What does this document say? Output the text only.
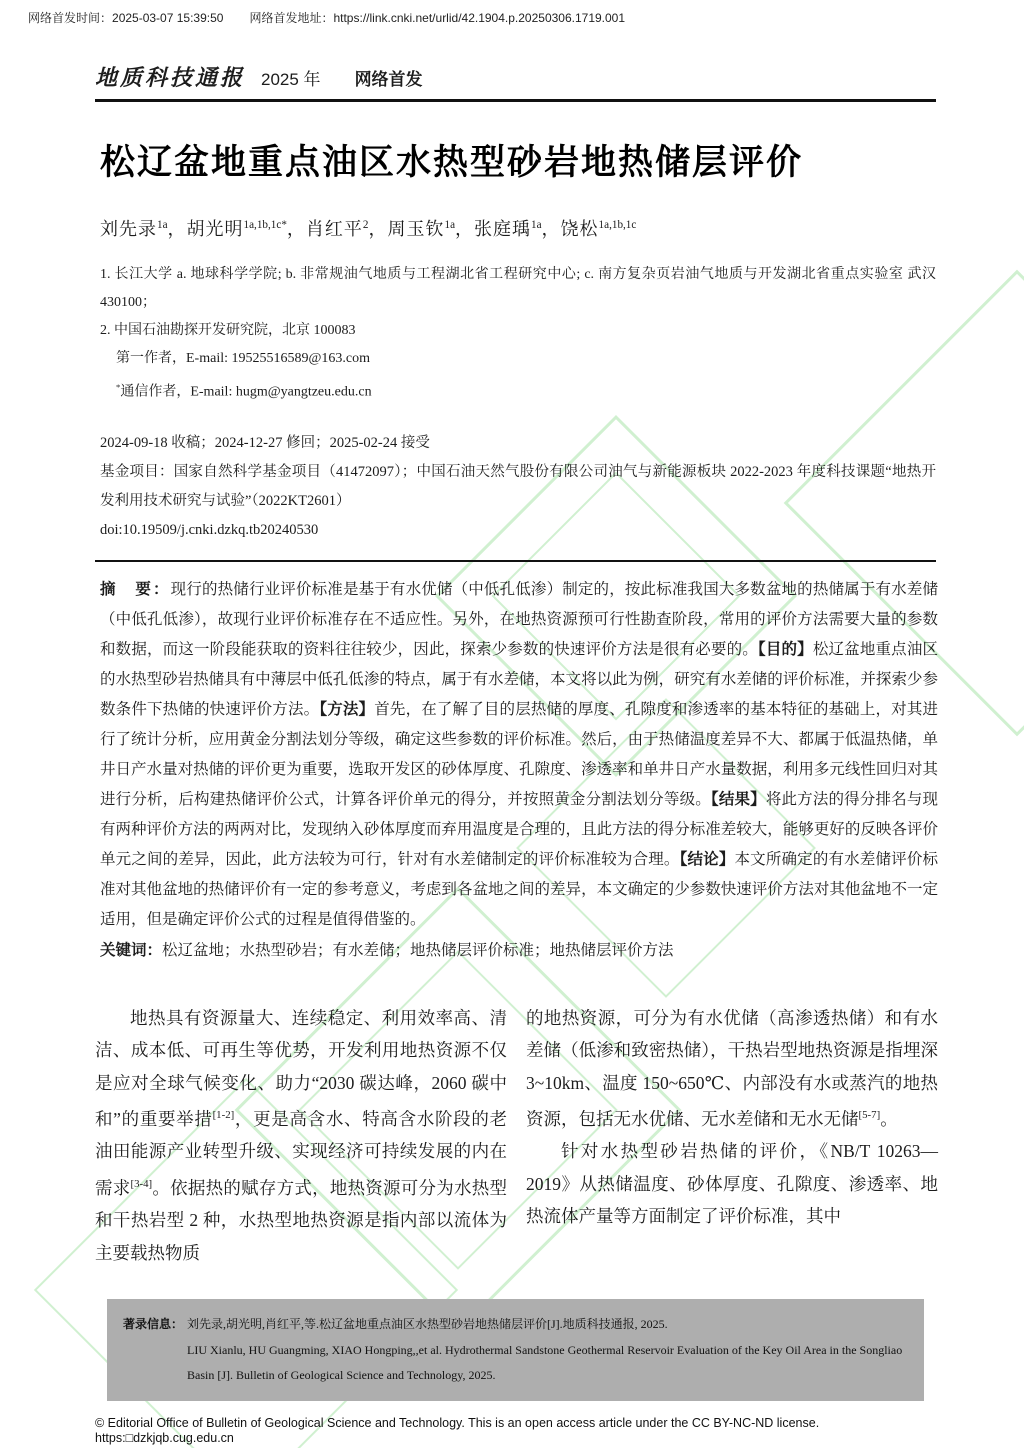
网络首发时间：2025-03-07 15:39:50 网络首发地址：https://link.cnki.net/urlid/42.1904.p.20250306.1719.001
地质科技通报 2025 年 网络首发
松辽盆地重点油区水热型砂岩地热储层评价
刘先录$^{1a}$，胡光明$^{1a,1b,1c*}$，肖红平$^2$，周玉钦$^{1a}$，张庭瑀$^{1a}$，饶松$^{1a,1b,1c}$

1. 长江大学 a. 地球科学学院; b. 非常规油气地质与工程湖北省工程研究中心; c. 南方复杂页岩油气地质与开发湖北省重点实验室 武汉 430100；

2. 中国石油勘探开发研究院，北京 100083

第一作者，E-mail: 19525516589@163.com

*通信作者，E-mail: hugm@yangtzeu.edu.cn

2024-09-18 收稿；2024-12-27 修回；2025-02-24 接受

基金项目：国家自然科学基金项目（41472097）；中国石油天然气股份有限公司油气与新能源板块 2022-2023 年度科技课题“地热开发利用技术研究与试验”（2022KT2601）

doi:10.19509/j.cnki.dzkq.tb20240530

摘　要：现行的热储行业评价标准是基于有水优储（中低孔低渗）制定的，按此标准我国大多数盆地的热储属于有水差储（中低孔低渗），故现行业评价标准存在不适应性。另外，在地热资源预可行性勘查阶段，常用的评价方法需要大量的参数和数据，而这一阶段能获取的资料往往较少，因此，探索少参数的快速评价方法是很有必要的。【目的】松辽盆地重点油区的水热型砂岩热储具有中薄层中低孔低渗的特点，属于有水差储，本文将以此为例，研究有水差储的评价标准，并探索少参数条件下热储的快速评价方法。【方法】首先，在了解了目的层热储的厚度、孔隙度和渗透率的基本特征的基础上，对其进行了统计分析，应用黄金分割法划分等级，确定这些参数的评价标准。然后，由于热储温度差异不大、都属于低温热储，单井日产水量对热储的评价更为重要，选取开发区的砂体厚度、孔隙度、渗透率和单井日产水量数据，利用多元线性回归对其进行分析，后构建热储评价公式，计算各评价单元的得分，并按照黄金分割法划分等级。【结果】将此方法的得分排名与现有两种评价方法的两两对比，发现纳入砂体厚度而弃用温度是合理的，且此方法的得分标准差较大，能够更好的反映各评价单元之间的差异，因此，此方法较为可行，针对有水差储制定的评价标准较为合理。【结论】本文所确定的有水差储评价标准对其他盆地的热储评价有一定的参考意义，考虑到各盆地之间的差异，本文确定的少参数快速评价方法对其他盆地不一定适用，但是确定评价公式的过程是值得借鉴的。
关键词：松辽盆地；水热型砂岩；有水差储；地热储层评价标准；地热储层评价方法

地热具有资源量大、连续稳定、利用效率高、清洁、成本低、可再生等优势，开发利用地热资源不仅是应对全球气候变化、助力“2030 碳达峰，2060 碳中和”的重要举措[1-2]，更是高含水、特高含水阶段的老油田能源产业转型升级、实现经济可持续发展的内在需求[3-4]。依据热的赋存方式，地热资源可分为水热型和干热岩型 2 种，水热型地热资源是指内部以流体为主要载热物质

的地热资源，可分为有水优储（高渗透热储）和有水差储（低渗和致密热储），干热岩型地热资源是指埋深 3~10km、温度 150~650℃、内部没有水或蒸汽的地热资源，包括无水优储、无水差储和无水无储[5-7]。

针对水热型砂岩热储的评价，《NB/T 10263—2019》从热储温度、砂体厚度、孔隙度、渗透率、地热流体产量等方面制定了评价标准，其中

著录信息： 刘先录,胡光明,肖红平,等.松辽盆地重点油区水热型砂岩地热储层评价[J].地质科技通报, 2025.
LIU Xianlu, HU Guangming, XIAO Hongping,,et al. Hydrothermal Sandstone Geothermal Reservoir Evaluation of the Key Oil Area in the Songliao Basin [J]. Bulletin of Geological Science and Technology, 2025.
© Editorial Office of Bulletin of Geological Science and Technology. This is an open access article under the CC BY-NC-ND license.　https:□dzkjqb.cug.edu.cn
